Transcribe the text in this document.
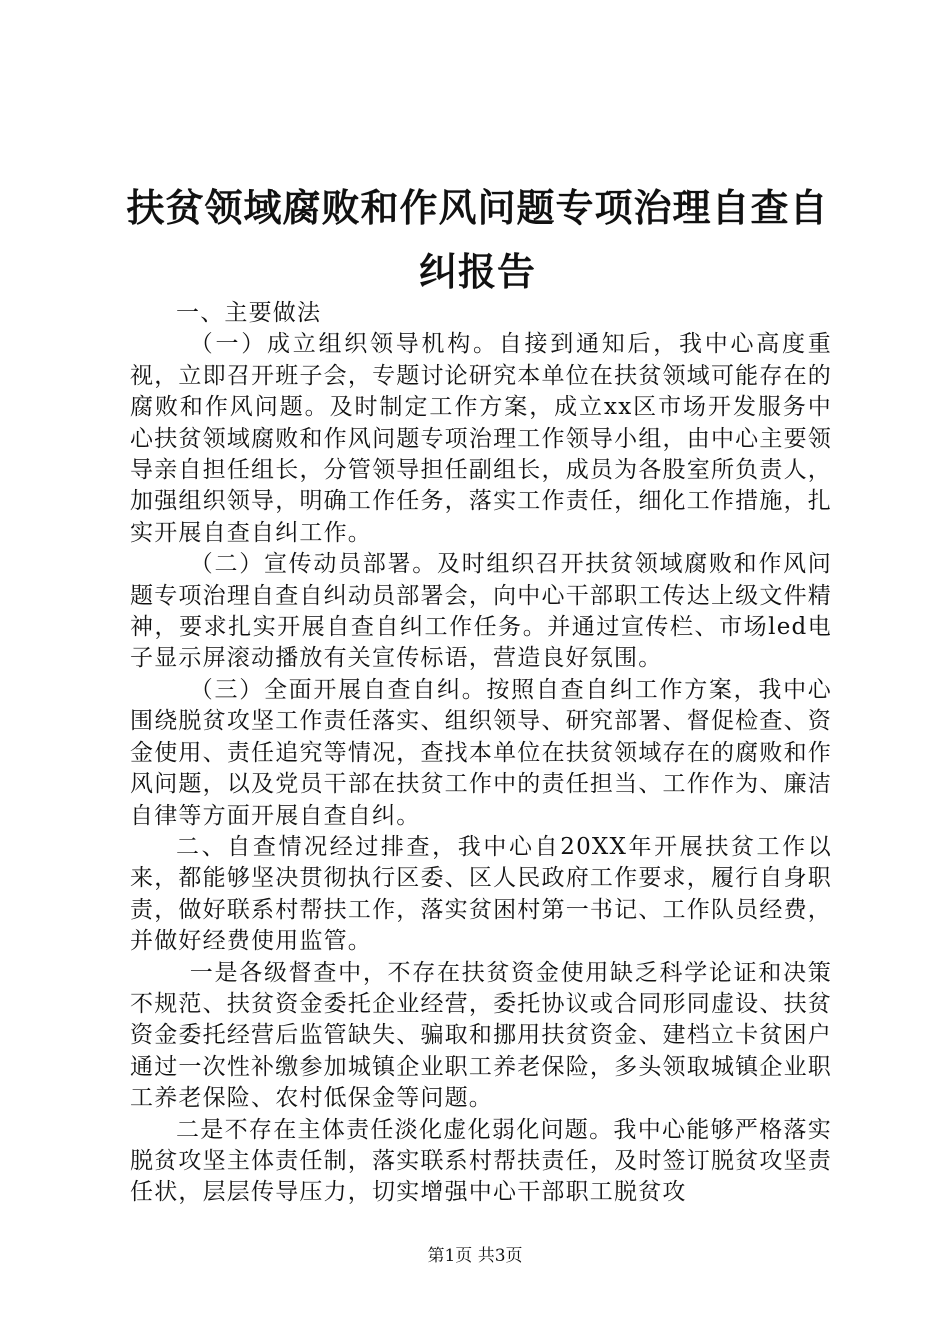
扶贫领域腐败和作风问题专项治理自查自纠报告

一、主要做法

（一）成立组织领导机构。自接到通知后，我中心高度重视，立即召开班子会，专题讨论研究本单位在扶贫领域可能存在的腐败和作风问题。及时制定工作方案，成立xx区市场开发服务中心扶贫领域腐败和作风问题专项治理工作领导小组，由中心主要领导亲自担任组长，分管领导担任副组长，成员为各股室所负责人，加强组织领导，明确工作任务，落实工作责任，细化工作措施，扎实开展自查自纠工作。

（二）宣传动员部署。及时组织召开扶贫领域腐败和作风问题专项治理自查自纠动员部署会，向中心干部职工传达上级文件精神，要求扎实开展自查自纠工作任务。并通过宣传栏、市场led电子显示屏滚动播放有关宣传标语，营造良好氛围。

（三）全面开展自查自纠。按照自查自纠工作方案，我中心围绕脱贫攻坚工作责任落实、组织领导、研究部署、督促检查、资金使用、责任追究等情况，查找本单位在扶贫领域存在的腐败和作风问题，以及党员干部在扶贫工作中的责任担当、工作作为、廉洁自律等方面开展自查自纠。

二、自查情况经过排查，我中心自20XX年开展扶贫工作以来，都能够坚决贯彻执行区委、区人民政府工作要求，履行自身职责，做好联系村帮扶工作，落实贫困村第一书记、工作队员经费，并做好经费使用监管。

一是各级督查中，不存在扶贫资金使用缺乏科学论证和决策不规范、扶贫资金委托企业经营，委托协议或合同形同虚设、扶贫资金委托经营后监管缺失、骗取和挪用扶贫资金、建档立卡贫困户通过一次性补缴参加城镇企业职工养老保险，多头领取城镇企业职工养老保险、农村低保金等问题。

二是不存在主体责任淡化虚化弱化问题。我中心能够严格落实脱贫攻坚主体责任制，落实联系村帮扶责任，及时签订脱贫攻坚责任状，层层传导压力，切实增强中心干部职工脱贫攻

第1页 共3页
